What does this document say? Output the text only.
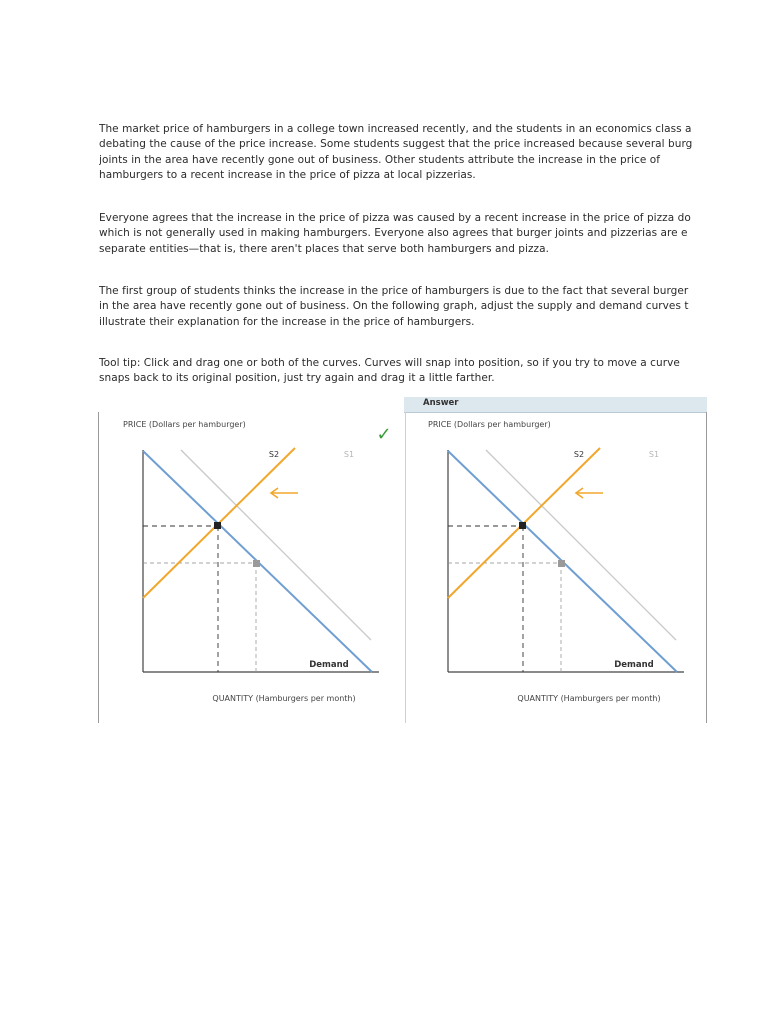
The market price of hamburgers in a college town increased recently, and the students in an economics class a
debating the cause of the price increase. Some students suggest that the price increased because several burg
joints in the area have recently gone out of business. Other students attribute the increase in the price of
hamburgers to a recent increase in the price of pizza at local pizzerias.
Everyone agrees that the increase in the price of pizza was caused by a recent increase in the price of pizza do
which is not generally used in making hamburgers. Everyone also agrees that burger joints and pizzerias are e
separate entities—that is, there aren't places that serve both hamburgers and pizza.
The first group of students thinks the increase in the price of hamburgers is due to the fact that several burger
in the area have recently gone out of business. On the following graph, adjust the supply and demand curves t
illustrate their explanation for the increase in the price of hamburgers.
Tool tip: Click and drag one or both of the curves. Curves will snap into position, so if you try to move a curve
snaps back to its original position, just try again and drag it a little farther.
Answer
PRICE (Dollars per hamburger)
QUANTITY (Hamburgers per month)
S2	S1
Demand
✓	PRICE (Dollars per hamburger)
QUANTITY (Hamburgers per month)
S2	S1
Demand
